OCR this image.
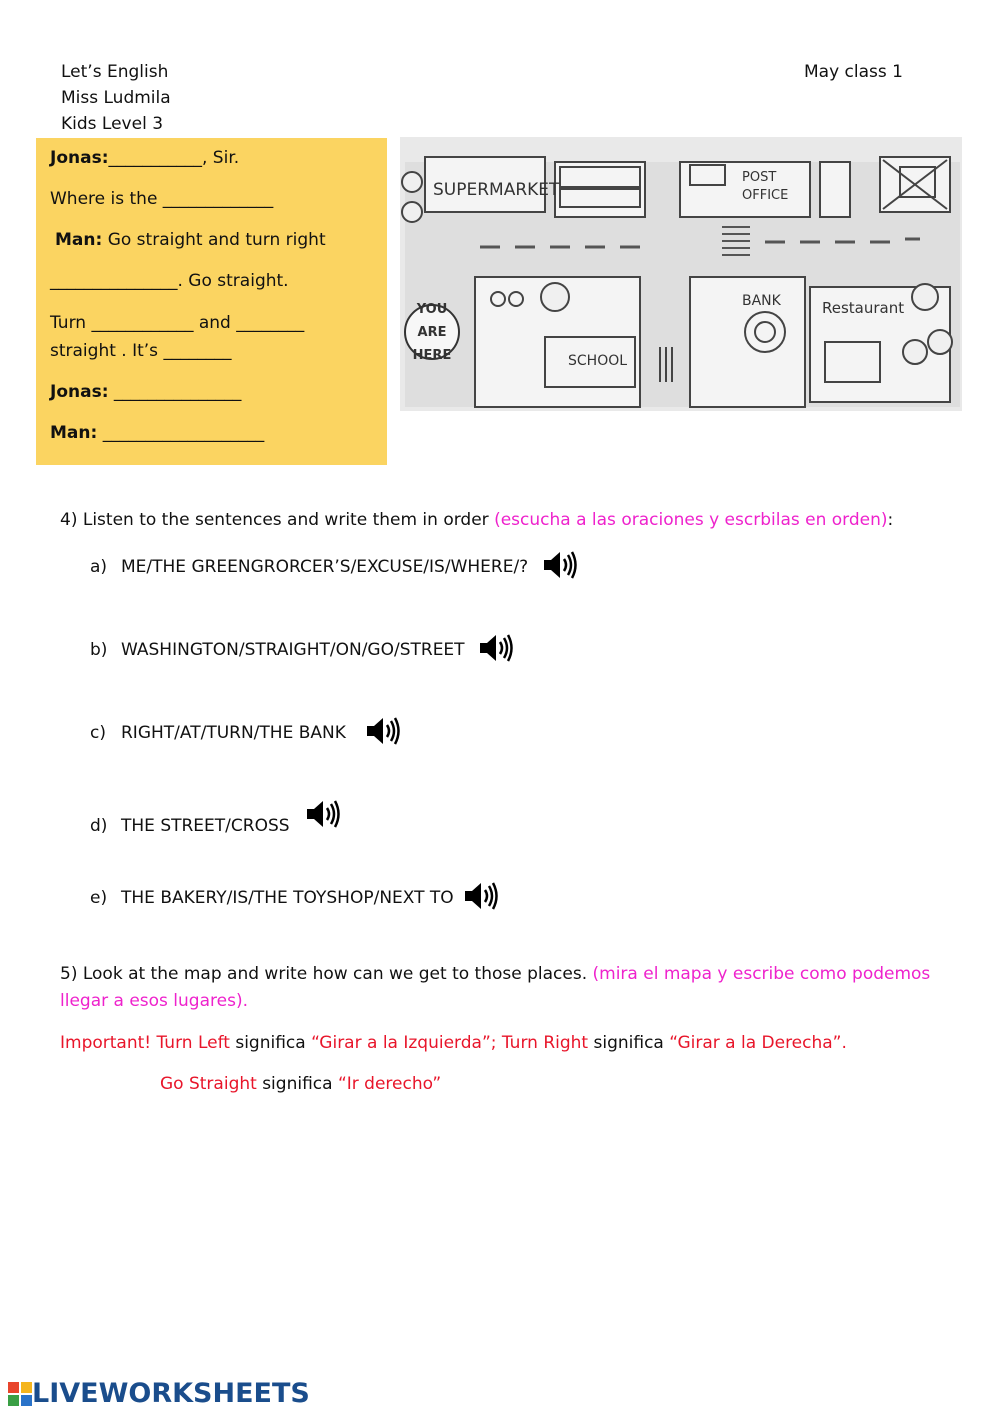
Let’s English
Miss Ludmila
Kids Level 3
May class 1
Jonas:___________, Sir.
Where is the _____________
Man: Go straight and turn right
_______________. Go straight.
Turn ____________ and ________
straight . It’s ________
Jonas: _______________
Man: ___________________
SUPERMARKET
POST
OFFICE
YOU
ARE
HERE	SCHOOL
BANK	Restaurant
4) Listen to the sentences and write them in order (escucha a las oraciones y escrbilas en orden):
a) ME/THE GREENGRORCER’S/EXCUSE/IS/WHERE/?
b) WASHINGTON/STRAIGHT/ON/GO/STREET
c) RIGHT/AT/TURN/THE BANK
d) THE STREET/CROSS
e) THE BAKERY/IS/THE TOYSHOP/NEXT TO
5) Look at the map and write how can we get to those places. (mira el mapa y escribe como podemos
llegar a esos lugares).
Important! Turn Left significa “Girar a la Izquierda”; Turn Right significa “Girar a la Derecha”.
Go Straight significa “Ir derecho”
LIVEWORKSHEETS
